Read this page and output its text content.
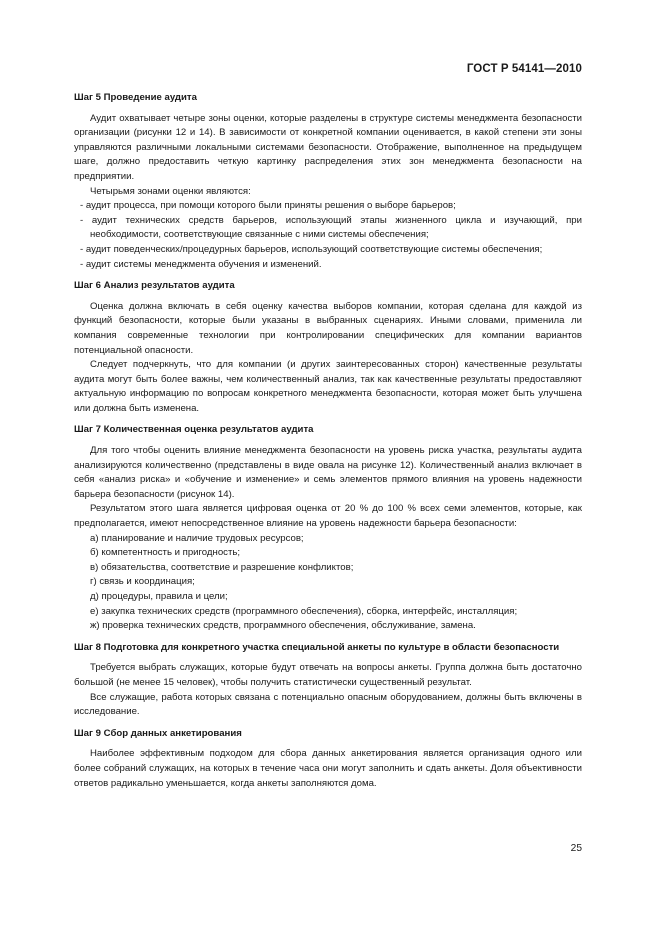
ГОСТ Р 54141—2010

Шаг 5 Проведение аудита

Аудит охватывает четыре зоны оценки, которые разделены в структуре системы менеджмента безопасности организации (рисунки 12 и 14). В зависимости от конкретной компании оценивается, в какой степени эти зоны управляются различными локальными системами безопасности. Отображение, выполненное на предыдущем шаге, должно предоставить четкую картинку распределения этих зон менеджмента безопасности на предприятии.

Четырьмя зонами оценки являются:

- аудит процесса, при помощи которого были приняты решения о выборе барьеров;

- аудит технических средств барьеров, использующий этапы жизненного цикла и изучающий, при необходимости, соответствующие связанные с ними системы обеспечения;

- аудит поведенческих/процедурных барьеров, использующий соответствующие системы обеспечения;

- аудит системы менеджмента обучения и изменений.

Шаг 6 Анализ результатов аудита

Оценка должна включать в себя оценку качества выборов компании, которая сделана для каждой из функций безопасности, которые были указаны в выбранных сценариях. Иными словами, применила ли компания современные технологии при контролировании специфических для компании вариантов потенциальной опасности.

Следует подчеркнуть, что для компании (и других заинтересованных сторон) качественные результаты аудита могут быть более важны, чем количественный анализ, так как качественные результаты предоставляют актуальную информацию по вопросам конкретного менеджмента безопасности, которая может быть улучшена или должна быть изменена.

Шаг 7 Количественная оценка результатов аудита

Для того чтобы оценить влияние менеджмента безопасности на уровень риска участка, результаты аудита анализируются количественно (представлены в виде овала на рисунке 12). Количественный анализ включает в себя «анализ риска» и «обучение и изменение» и семь элементов прямого влияния на уровень надежности барьера безопасности (рисунок 14).

Результатом этого шага является цифровая оценка от 20 % до 100 % всех семи элементов, которые, как предполагается, имеют непосредственное влияние на уровень надежности барьера безопасности:

а) планирование и наличие трудовых ресурсов;

б) компетентность и пригодность;

в) обязательства, соответствие и разрешение конфликтов;

г) связь и координация;

д) процедуры, правила и цели;

е) закупка технических средств (программного обеспечения), сборка, интерфейс, инсталляция;

ж) проверка технических средств, программного обеспечения, обслуживание, замена.

Шаг 8 Подготовка для конкретного участка специальной анкеты по культуре в области безопасности

Требуется выбрать служащих, которые будут отвечать на вопросы анкеты. Группа должна быть достаточно большой (не менее 15 человек), чтобы получить статистически существенный результат.

Все служащие, работа которых связана с потенциально опасным оборудованием, должны быть включены в исследование.

Шаг 9 Сбор данных анкетирования

Наиболее эффективным подходом для сбора данных анкетирования является организация одного или более собраний служащих, на которых в течение часа они могут заполнить и сдать анкеты. Доля объективности ответов радикально уменьшается, когда анкеты заполняются дома.

25
